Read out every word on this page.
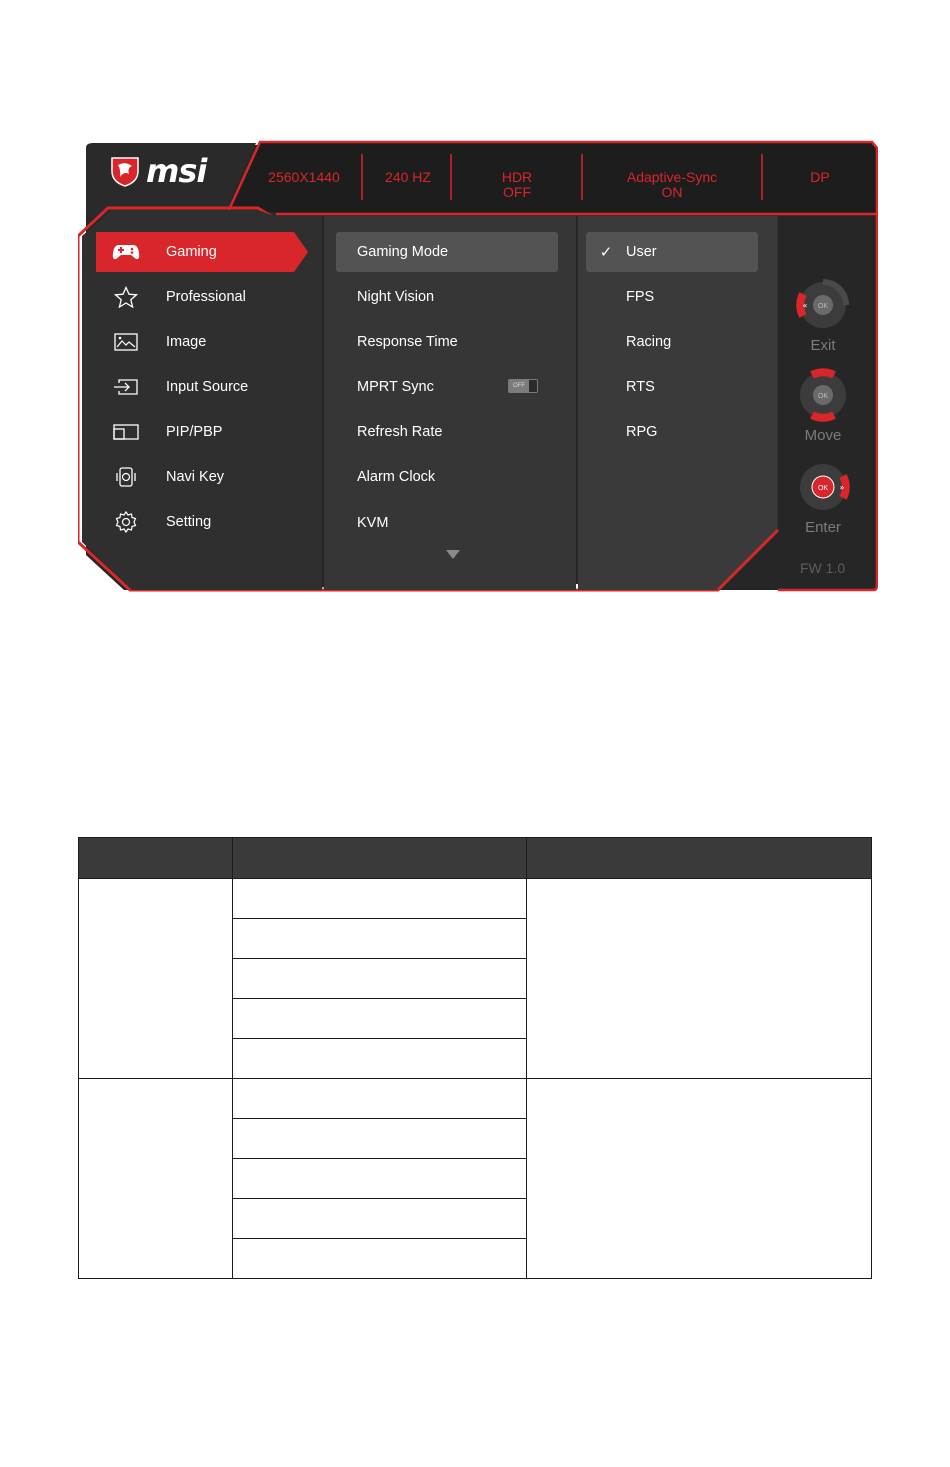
msi	2560X1440	240 HZ	HDR
OFF
Adaptive-Sync
ON
DP
Gaming
Professional
Image
Input Source
PIP/PBP
Navi Key
Setting
Gaming Mode
Night Vision
Response Time
MPRT Sync	OFF
Refresh Rate
Alarm Clock
KVM
✓ User
FPS
Racing
RTS
RPG
OK
«
Exit
OK
Move
OK »
Enter
FW 1.0
